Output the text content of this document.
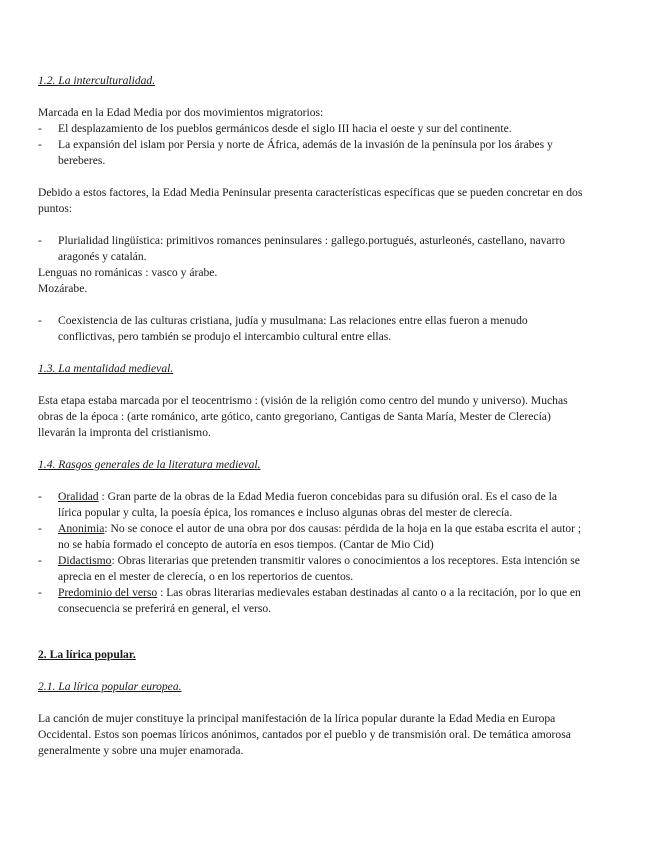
1.2. La interculturalidad.

Marcada en la Edad Media por dos movimientos migratorios:

- El desplazamiento de los pueblos germánicos desde el siglo III hacia el oeste y sur del continente.
- La expansión del islam por Persia y norte de África, además de la invasión de la península por los árabes y bereberes.

Debido a estos factores, la Edad Media Peninsular presenta características específicas que se pueden concretar en dos puntos:

- Plurialidad lingüística: primitivos romances peninsulares : gallego.portugués, asturleonés, castellano, navarro aragonés y catalán.

Lenguas no románicas : vasco y árabe.

Mozárabe.

- Coexistencia de las culturas cristiana, judía y musulmana: Las relaciones entre ellas fueron a menudo conflictivas, pero también se produjo el intercambio cultural entre ellas.

1.3. La mentalidad medieval.

Esta etapa estaba marcada por el teocentrismo : (visión de la religión como centro del mundo y universo). Muchas obras de la época : (arte románico, arte gótico, canto gregoriano, Cantigas de Santa María, Mester de Clerecía) llevarán la impronta del cristianismo.

1.4. Rasgos generales de la literatura medieval.

- Oralidad : Gran parte de la obras de la Edad Media fueron concebidas para su difusión oral. Es el caso de la lírica popular y culta, la poesía épica, los romances e incluso algunas obras del mester de clerecía.
- Anonimia: No se conoce el autor de una obra por dos causas: pérdida de la hoja en la que estaba escrita el autor ; no se había formado el concepto de autoría en esos tiempos. (Cantar de Mio Cid)
- Didactismo: Obras literarias que pretenden transmitir valores o conocimientos a los receptores. Esta intención se aprecia en el mester de clerecía, o en los repertorios de cuentos.
- Predominio del verso : Las obras literarias medievales estaban destinadas al canto o a la recitación, por lo que en consecuencia se preferirá en general, el verso.

2. La lírica popular.

2.1. La lírica popular europea.

La canción de mujer constituye la principal manifestación de la lírica popular durante la Edad Media en Europa Occidental. Estos son poemas líricos anónimos, cantados por el pueblo y de transmisión oral. De temática amorosa generalmente y sobre una mujer enamorada.
